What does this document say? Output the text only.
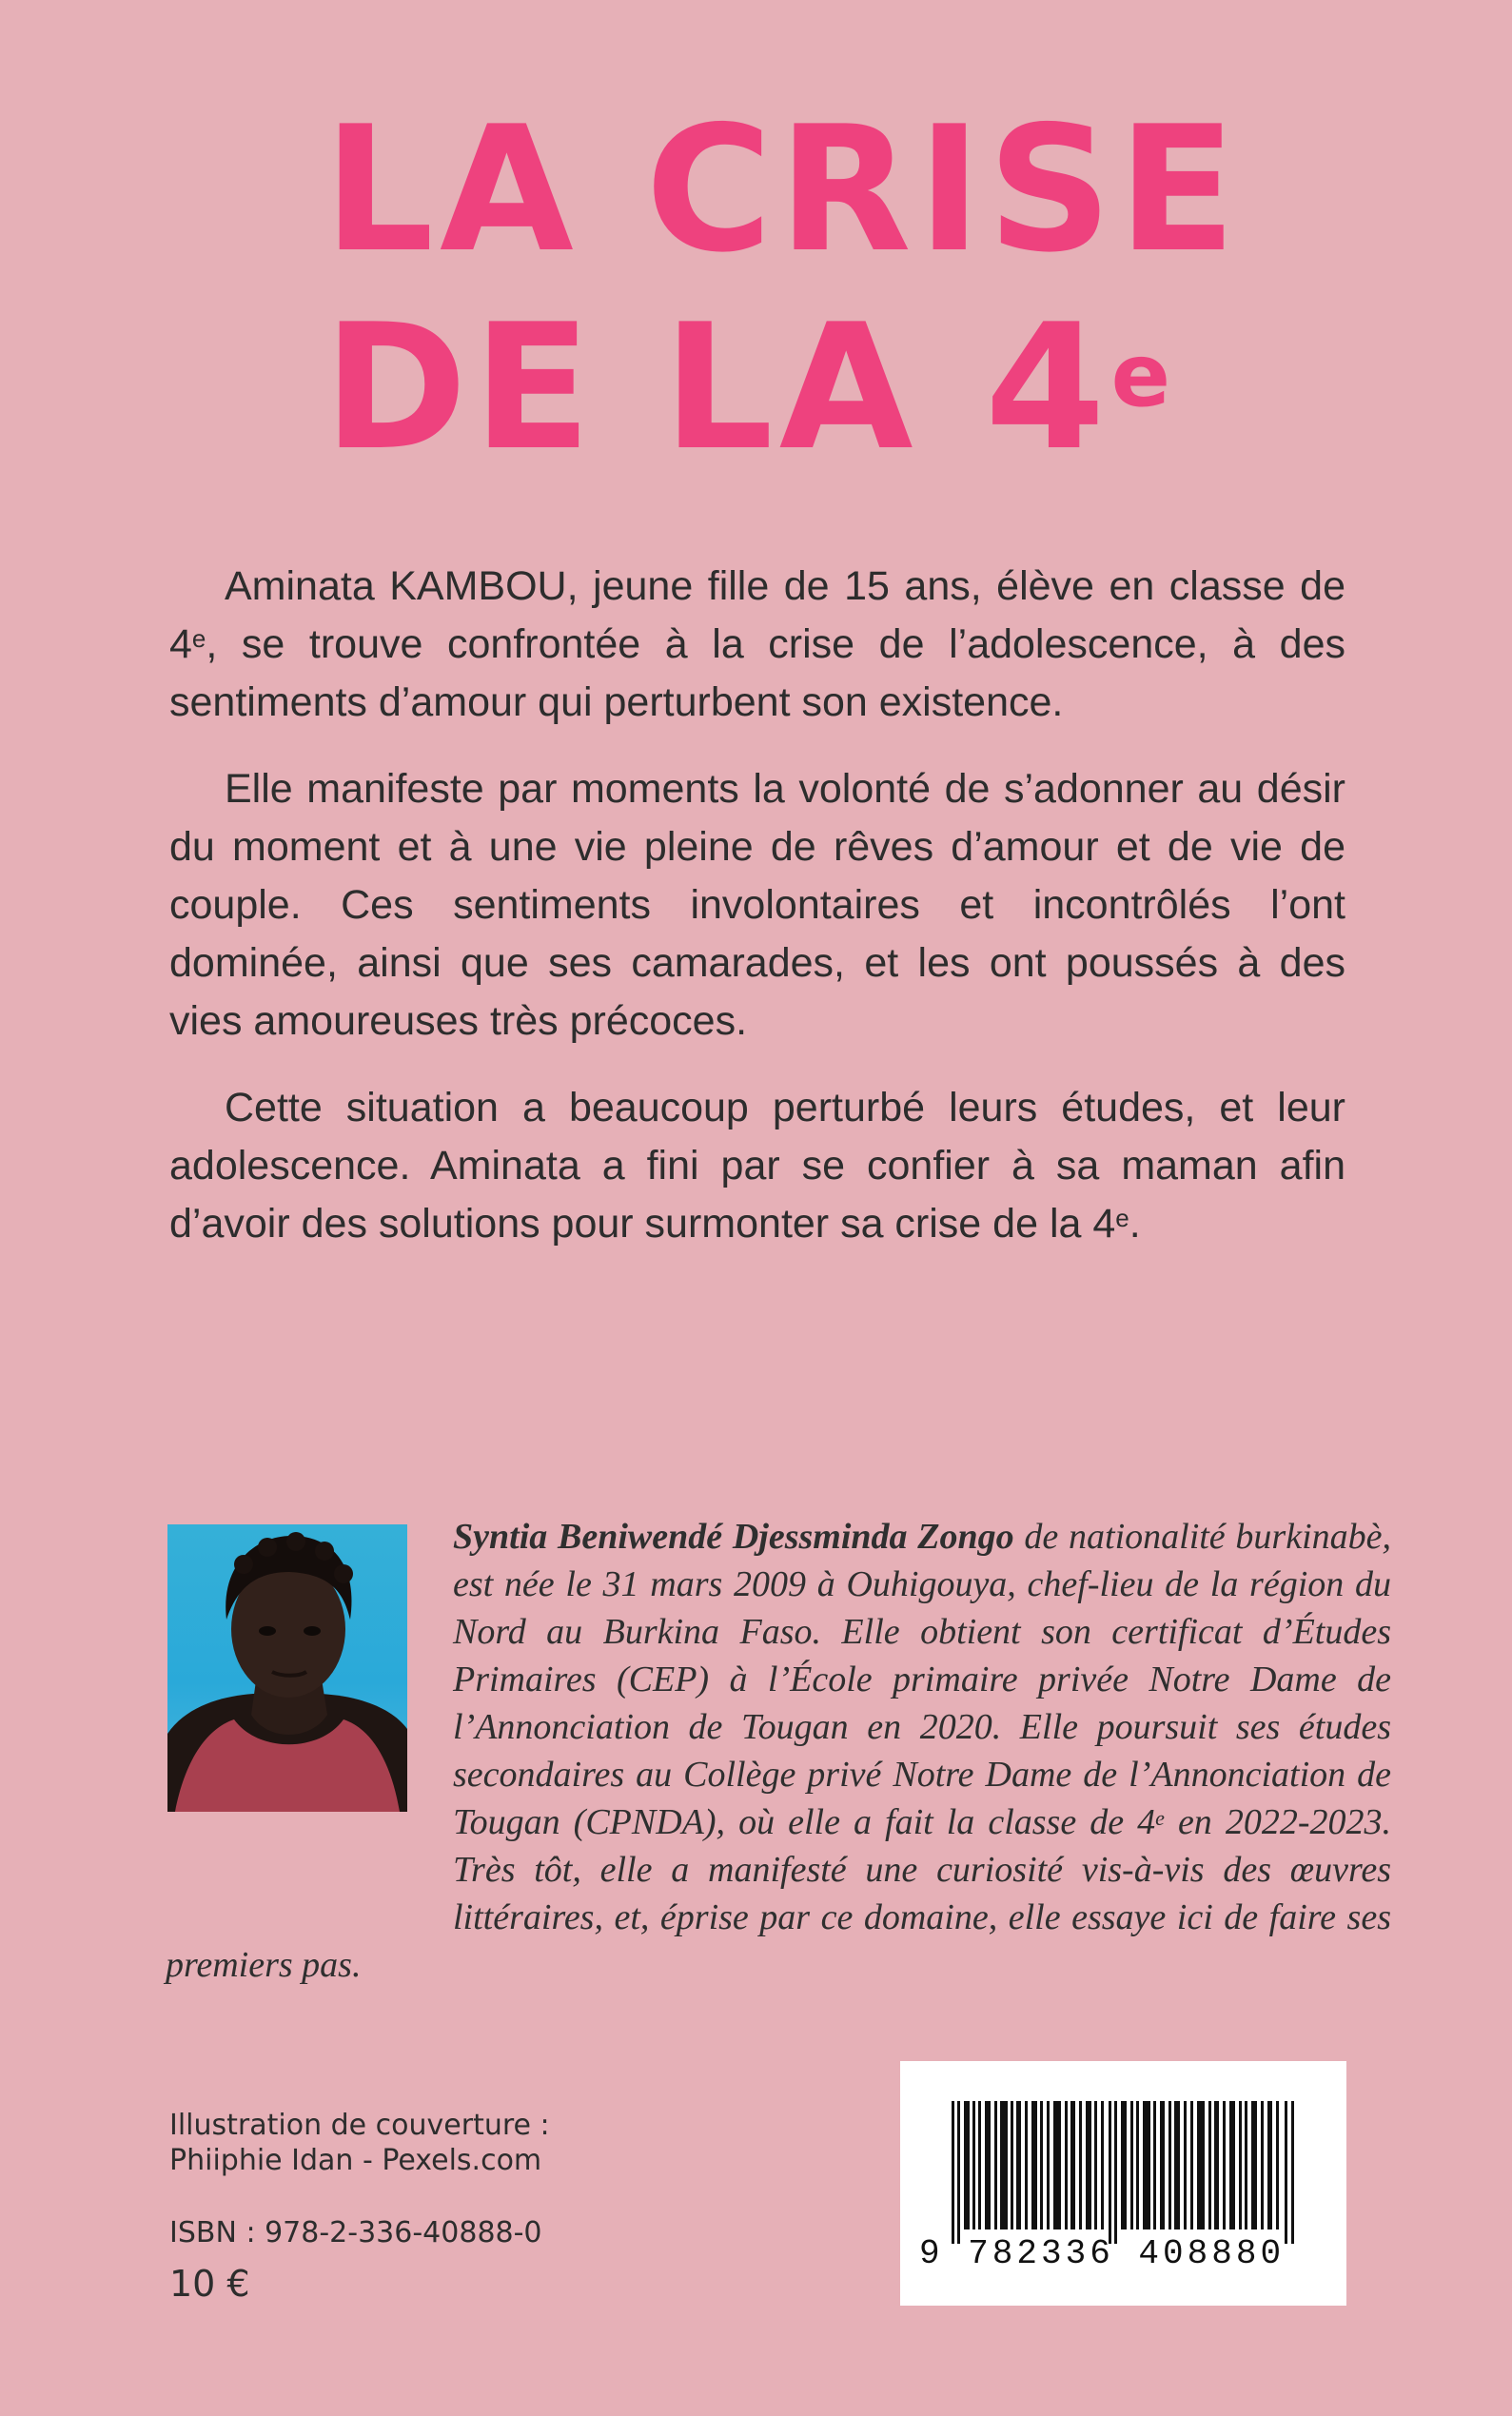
LA CRISE
DE LA 4e

Aminata KAMBOU, jeune fille de 15 ans, élève en classe de 4e, se trouve confrontée à la crise de l’adolescence, à des sentiments d’amour qui perturbent son existence.

Elle manifeste par moments la volonté de s’adonner au désir du moment et à une vie pleine de rêves d’amour et de vie de couple. Ces sentiments involontaires et incontrôlés l’ont dominée, ainsi que ses camarades, et les ont poussés à des vies amoureuses très précoces.

Cette situation a beaucoup perturbé leurs études, et leur adolescence. Aminata a fini par se confier à sa maman afin d’avoir des solutions pour surmonter sa crise de la 4e.

Syntia Beniwendé Djessminda Zongo de nationalité burkinabè, est née le 31 mars 2009 à Ouhigouya, chef-lieu de la région du Nord au Burkina Faso. Elle obtient son certificat d’Études Primaires (CEP) à l’École primaire privée Notre Dame de l’Annonciation de Tougan en 2020. Elle poursuit ses études secondaires au Collège privé Notre Dame de l’Annonciation de Tougan (CPNDA), où elle a fait la classe de 4e en 2022-2023. Très tôt, elle a manifesté une curiosité vis-à-vis des œuvres littéraires, et, éprise par ce domaine, elle essaye ici de faire ses premiers pas.
Illustration de couverture :
Phiiphie Idan - Pexels.com
ISBN : 978-2-336-40888-0
10 €
9 782336 408880
